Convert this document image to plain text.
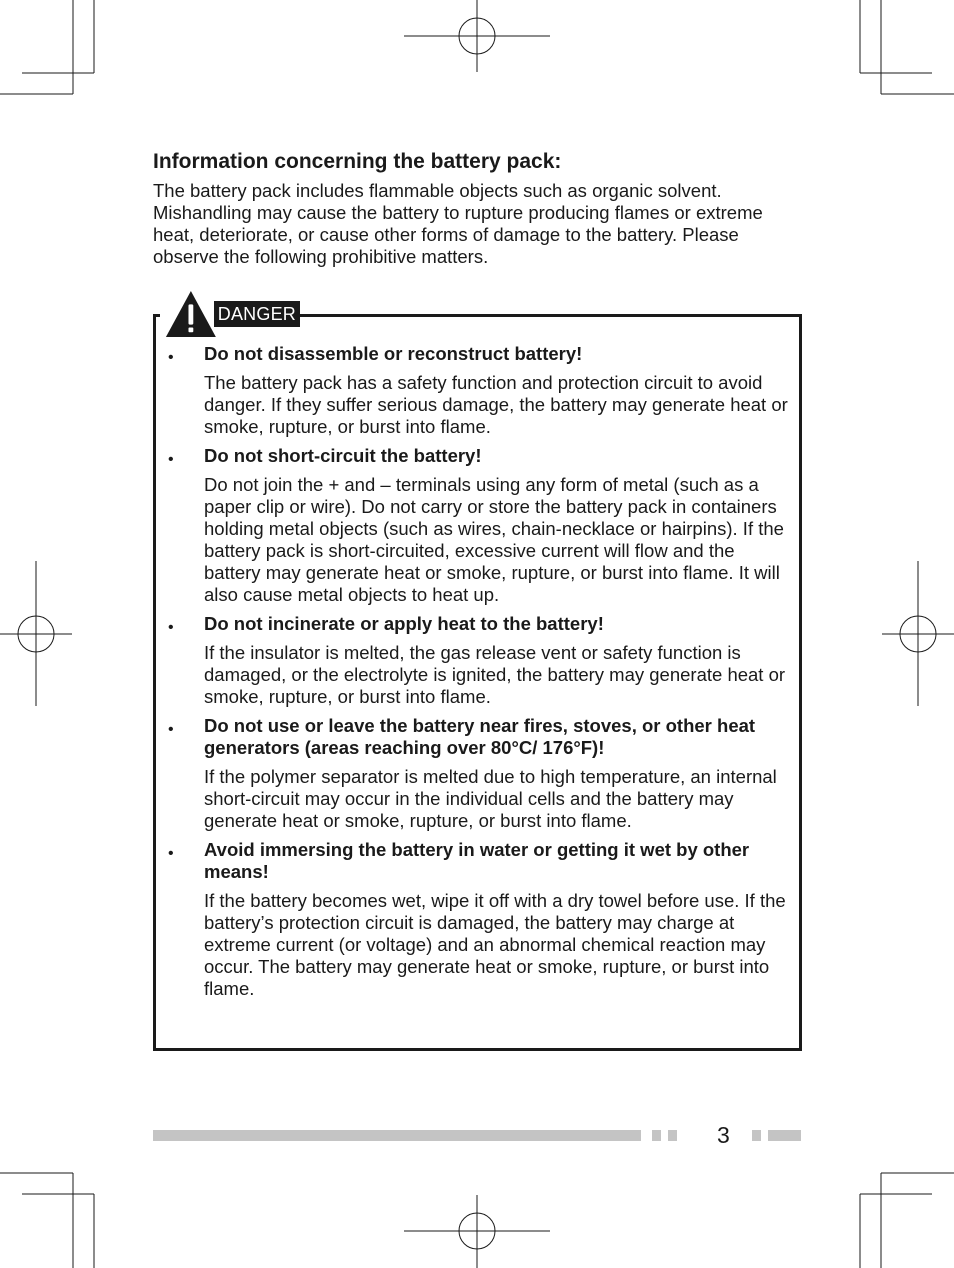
Information concerning the battery pack:

The battery pack includes flammable objects such as organic solvent. Mishandling may cause the battery to rupture producing flames or extreme heat, deteriorate, or cause other forms of damage to the battery. Please observe the following prohibitive matters.

DANGER
• Do not disassemble or reconstruct battery!
The battery pack has a safety function and protection circuit to avoid danger. If they suffer serious damage, the battery may generate heat or smoke, rupture, or burst into flame.
• Do not short-circuit the battery!
Do not join the + and – terminals using any form of metal (such as a paper clip or wire). Do not carry or store the battery pack in containers holding metal objects (such as wires, chain-necklace or hairpins). If the battery pack is short-circuited, excessive current will flow and the battery may generate heat or smoke, rupture, or burst into flame. It will also cause metal objects to heat up.
• Do not incinerate or apply heat to the battery!
If the insulator is melted, the gas release vent or safety function is damaged, or the electrolyte is ignited, the battery may generate heat or smoke, rupture, or burst into flame.
• Do not use or leave the battery near fires, stoves, or other heat generators (areas reaching over 80°C/ 176°F)!
If the polymer separator is melted due to high temperature, an internal short-circuit may occur in the individual cells and the battery may generate heat or smoke, rupture, or burst into flame.
• Avoid immersing the battery in water or getting it wet by other means!
If the battery becomes wet, wipe it off with a dry towel before use. If the battery’s protection circuit is damaged, the battery may charge at extreme current (or voltage) and an abnormal chemical reaction may occur. The battery may generate heat or smoke, rupture, or burst into flame.
3
